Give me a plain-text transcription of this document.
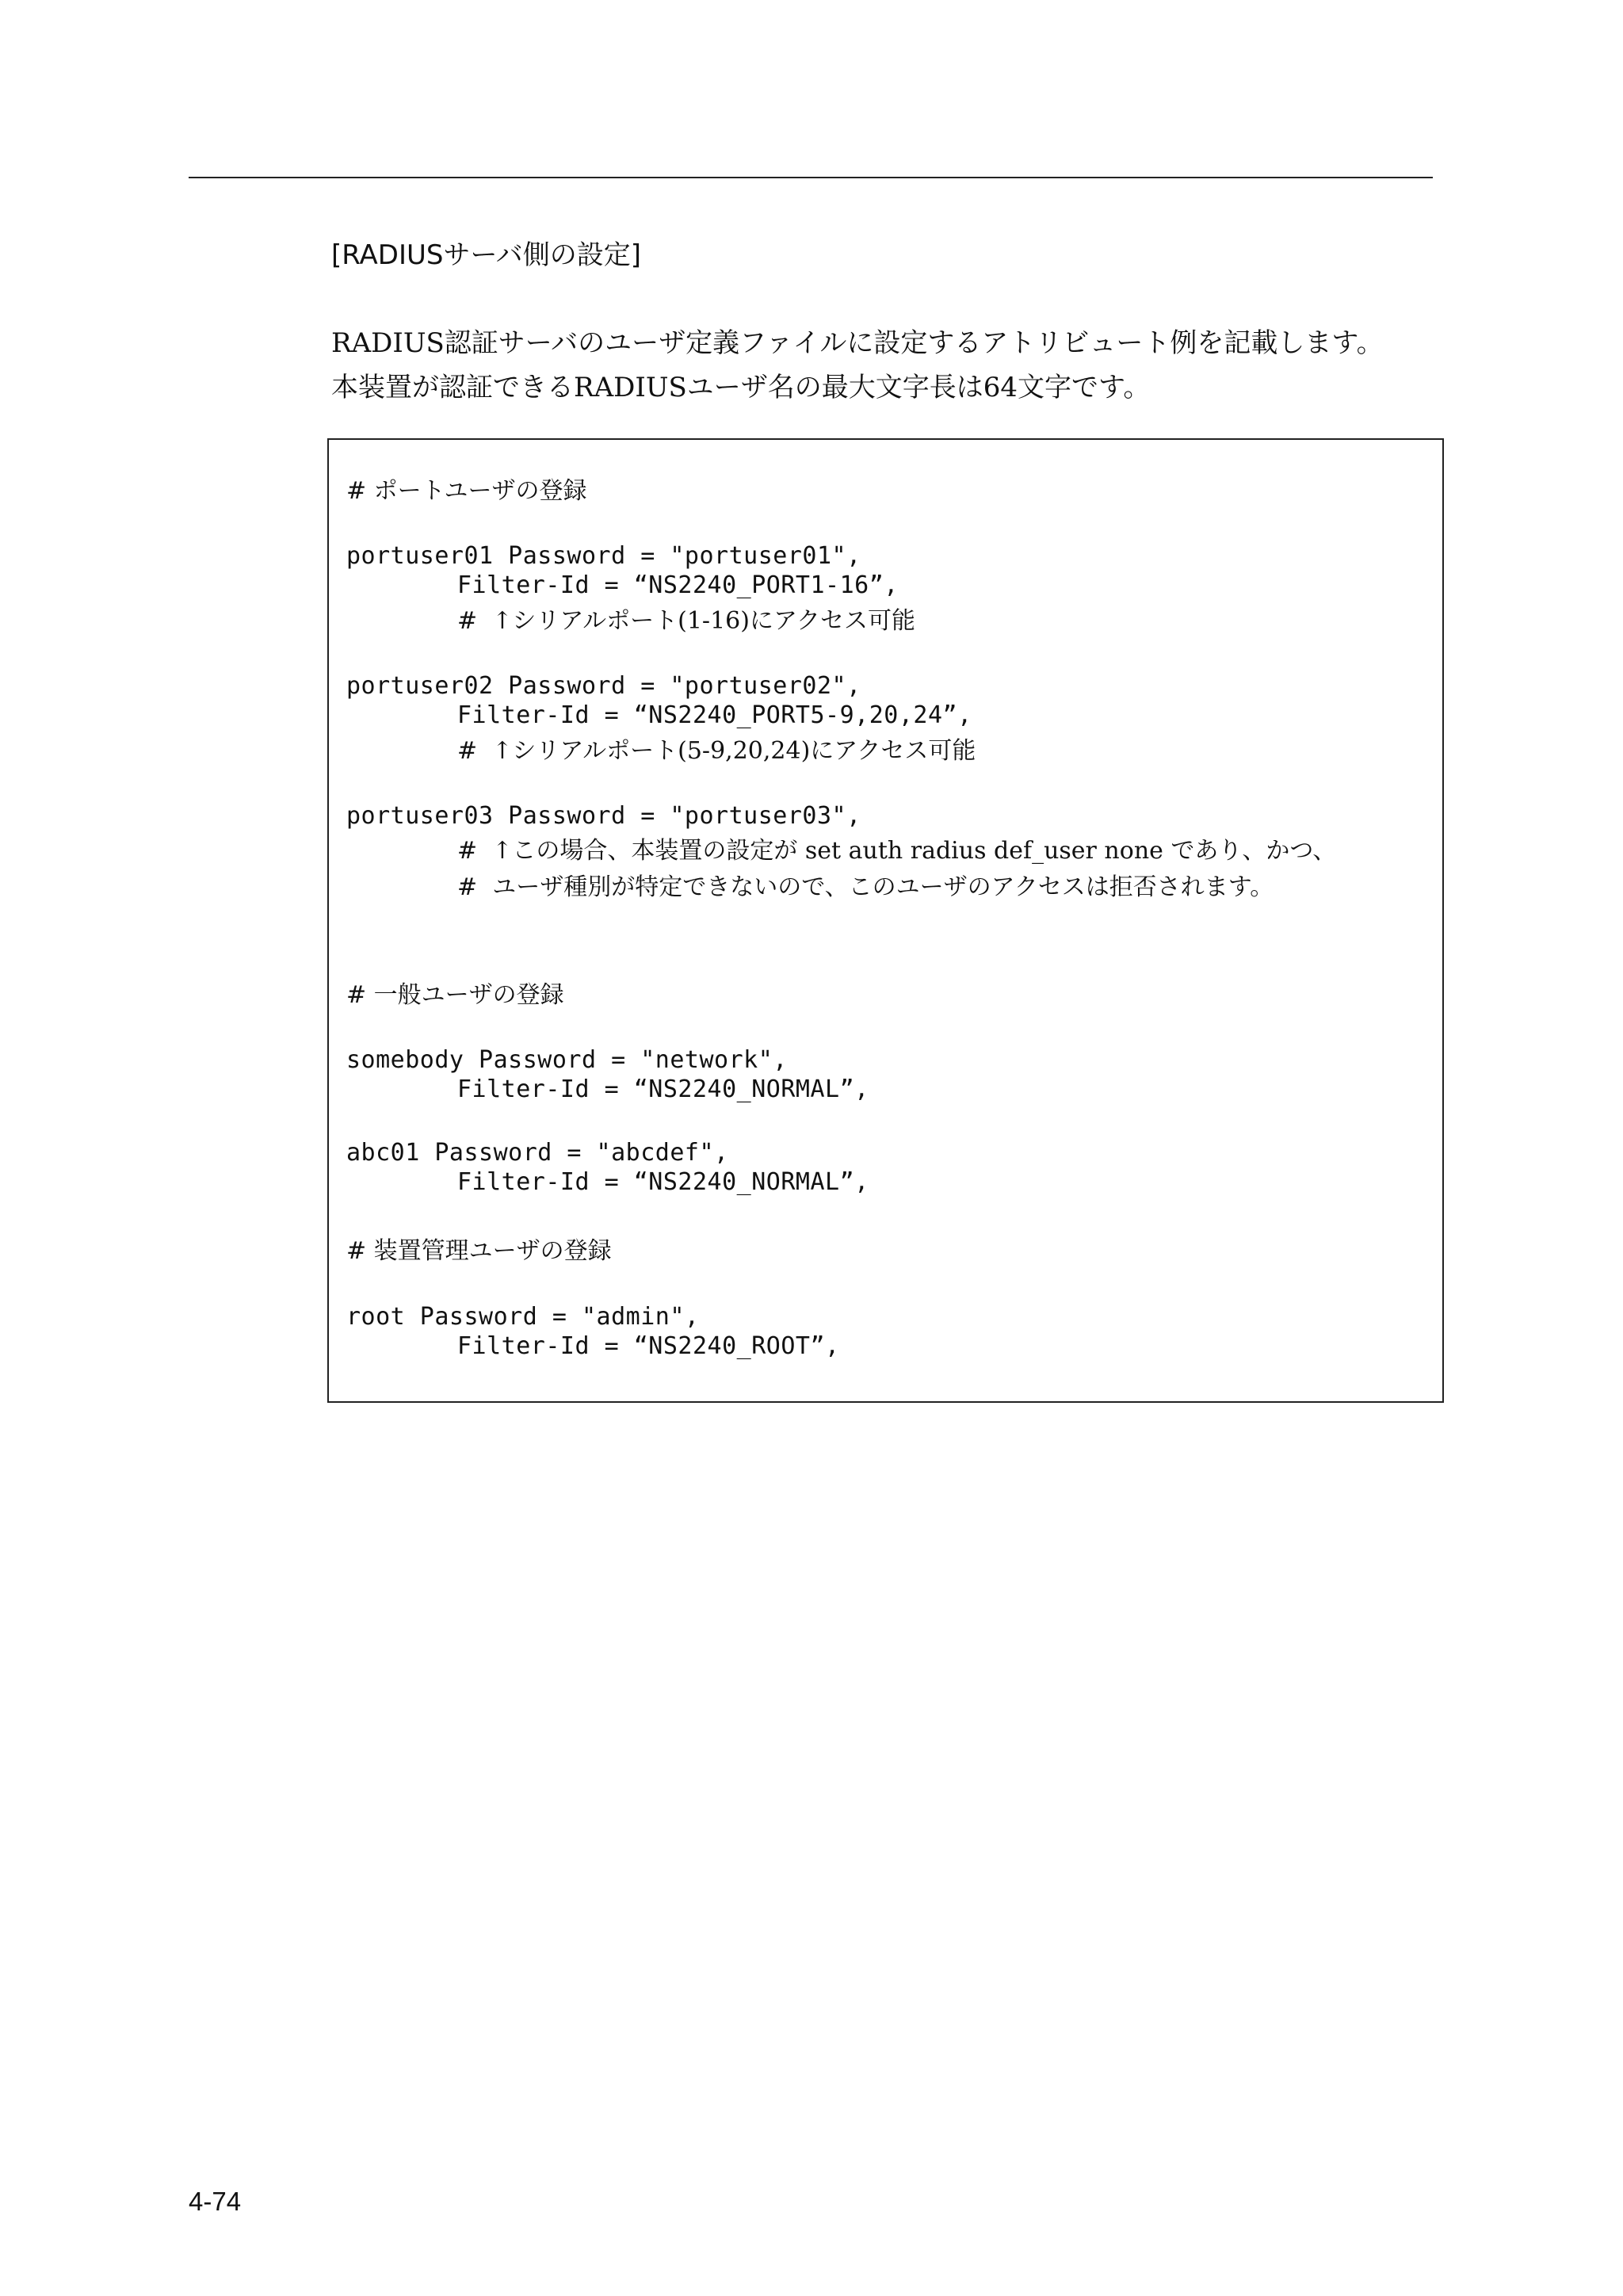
[RADIUSサーバ側の設定]
RADIUS認証サーバのユーザ定義ファイルに設定するアトリビュート例を記載します。
本装置が認証できるRADIUSユーザ名の最大文字長は64文字です。
# ポートユーザの登録
portuser01 Password = "portuser01",
Filter-Id = “NS2240_PORT1-16”,
#  ↑シリアルポート(1-16)にアクセス可能
portuser02 Password = "portuser02",
Filter-Id = “NS2240_PORT5-9,20,24”,
#  ↑シリアルポート(5-9,20,24)にアクセス可能
portuser03 Password = "portuser03",
#  ↑この場合、本装置の設定が set auth radius def_user none であり、かつ、
#  ユーザ種別が特定できないので、このユーザのアクセスは拒否されます。
# 一般ユーザの登録
somebody Password = "network",
Filter-Id = “NS2240_NORMAL”,
abc01 Password = "abcdef",
Filter-Id = “NS2240_NORMAL”,
# 装置管理ユーザの登録
root Password = "admin",
Filter-Id = “NS2240_ROOT”,
4-74
